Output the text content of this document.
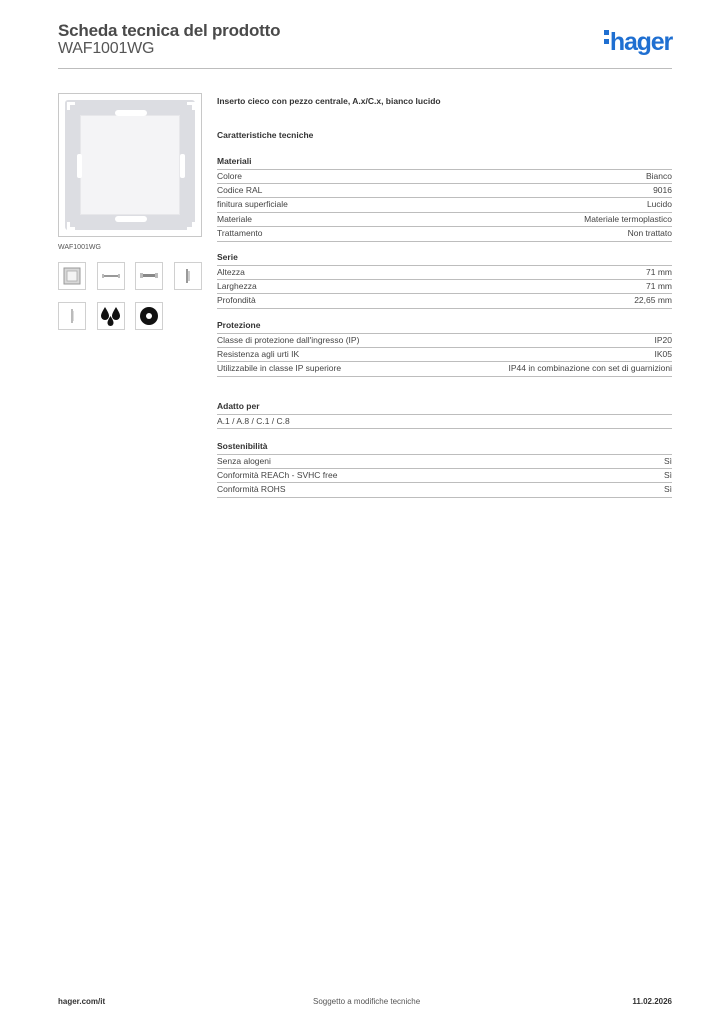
Scheda tecnica del prodotto
WAF1001WG	hager
WAF1001WG
Inserto cieco con pezzo centrale, A.x/C.x, bianco lucido
Caratteristiche tecniche
Materiali
Colore	Bianco
Codice RAL	9016
finitura superficiale	Lucido
Materiale	Materiale termoplastico
Trattamento	Non trattato
Serie
Altezza	71 mm
Larghezza	71 mm
Profondità	22,65 mm
Protezione
Classe di protezione dall'ingresso (IP)	IP20
Resistenza agli urti IK	IK05
Utilizzabile in classe IP superiore	IP44 in combinazione con set di guarnizioni
Adatto per
A.1 / A.8 / C.1 / C.8
Sostenibilità
Senza alogeni	Sì
Conformità REACh - SVHC free	Sì
Conformità ROHS	Sì
hager.com/it	Soggetto a modifiche tecniche	11.02.2026
